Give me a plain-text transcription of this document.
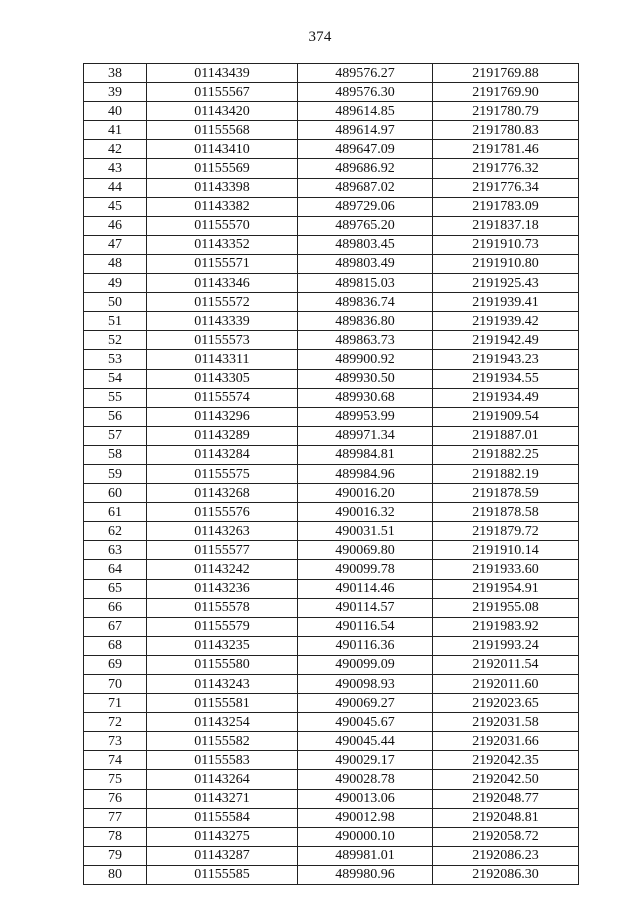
374
38	01143439	489576.27	2191769.88
39	01155567	489576.30	2191769.90
40	01143420	489614.85	2191780.79
41	01155568	489614.97	2191780.83
42	01143410	489647.09	2191781.46
43	01155569	489686.92	2191776.32
44	01143398	489687.02	2191776.34
45	01143382	489729.06	2191783.09
46	01155570	489765.20	2191837.18
47	01143352	489803.45	2191910.73
48	01155571	489803.49	2191910.80
49	01143346	489815.03	2191925.43
50	01155572	489836.74	2191939.41
51	01143339	489836.80	2191939.42
52	01155573	489863.73	2191942.49
53	01143311	489900.92	2191943.23
54	01143305	489930.50	2191934.55
55	01155574	489930.68	2191934.49
56	01143296	489953.99	2191909.54
57	01143289	489971.34	2191887.01
58	01143284	489984.81	2191882.25
59	01155575	489984.96	2191882.19
60	01143268	490016.20	2191878.59
61	01155576	490016.32	2191878.58
62	01143263	490031.51	2191879.72
63	01155577	490069.80	2191910.14
64	01143242	490099.78	2191933.60
65	01143236	490114.46	2191954.91
66	01155578	490114.57	2191955.08
67	01155579	490116.54	2191983.92
68	01143235	490116.36	2191993.24
69	01155580	490099.09	2192011.54
70	01143243	490098.93	2192011.60
71	01155581	490069.27	2192023.65
72	01143254	490045.67	2192031.58
73	01155582	490045.44	2192031.66
74	01155583	490029.17	2192042.35
75	01143264	490028.78	2192042.50
76	01143271	490013.06	2192048.77
77	01155584	490012.98	2192048.81
78	01143275	490000.10	2192058.72
79	01143287	489981.01	2192086.23
80	01155585	489980.96	2192086.30
